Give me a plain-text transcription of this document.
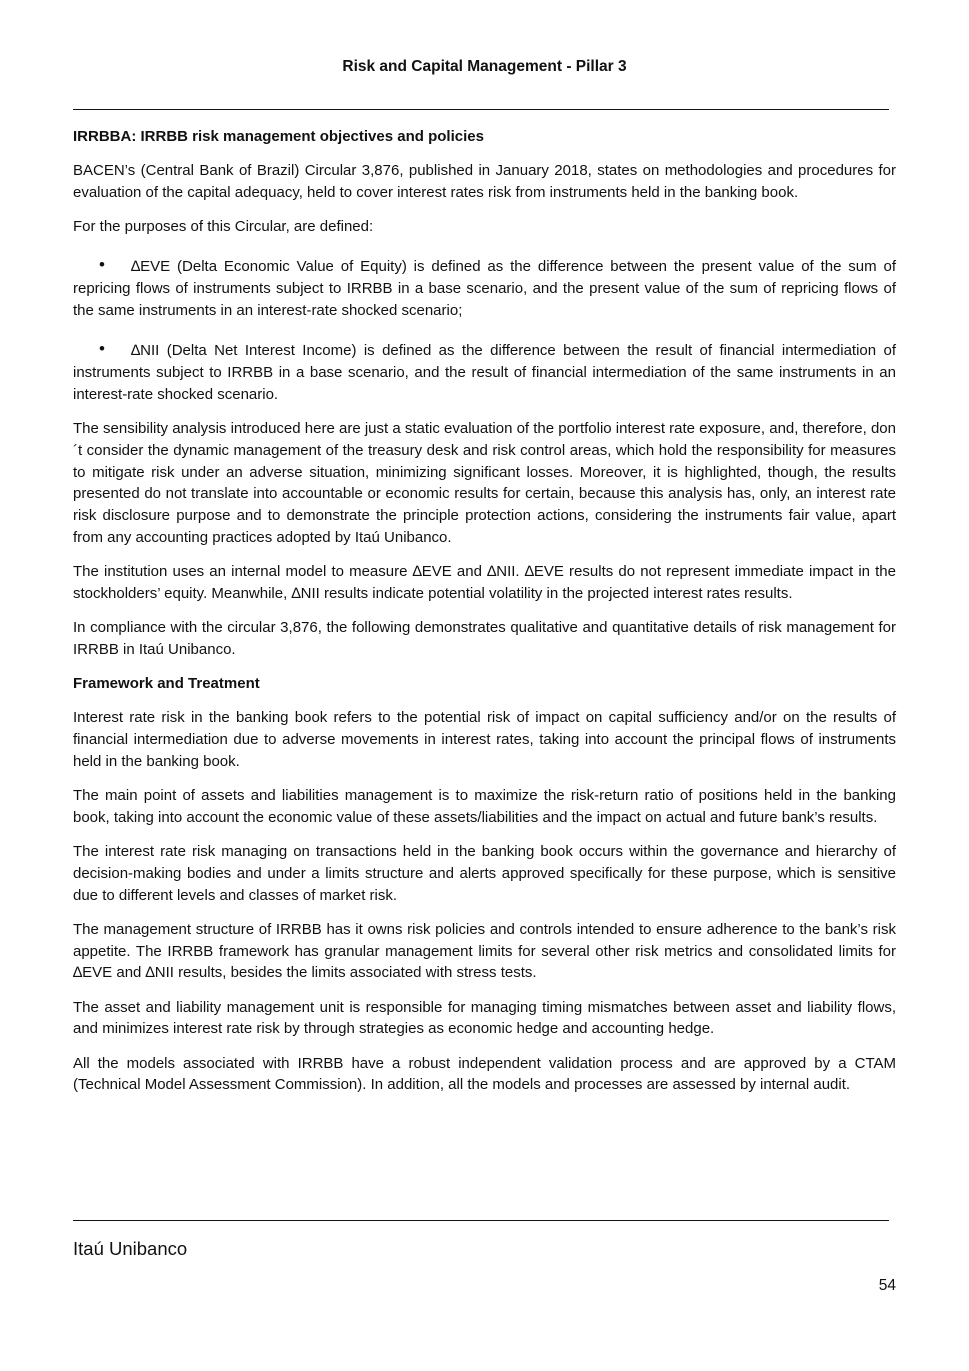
Risk and Capital Management - Pillar 3
IRRBBA: IRRBB risk management objectives and policies

BACEN’s (Central Bank of Brazil) Circular 3,876, published in January 2018, states on methodologies and procedures for evaluation of the capital adequacy, held to cover interest rates risk from instruments held in the banking book.

For the purposes of this Circular, are defined:

• ∆EVE (Delta Economic Value of Equity) is defined as the difference between the present value of the sum of repricing flows of instruments subject to IRRBB in a base scenario, and the present value of the sum of repricing flows of the same instruments in an interest-rate shocked scenario;
• ∆NII (Delta Net Interest Income) is defined as the difference between the result of financial intermediation of instruments subject to IRRBB in a base scenario, and the result of financial intermediation of the same instruments in an interest-rate shocked scenario.

The sensibility analysis introduced here are just a static evaluation of the portfolio interest rate exposure, and, therefore, don´t consider the dynamic management of the treasury desk and risk control areas, which hold the responsibility for measures to mitigate risk under an adverse situation, minimizing significant losses. Moreover, it is highlighted, though, the results presented do not translate into accountable or economic results for certain, because this analysis has, only, an interest rate risk disclosure purpose and to demonstrate the principle protection actions, considering the instruments fair value, apart from any accounting practices adopted by Itaú Unibanco.

The institution uses an internal model to measure ∆EVE and ∆NII. ∆EVE results do not represent immediate impact in the stockholders’ equity. Meanwhile, ∆NII results indicate potential volatility in the projected interest rates results.

In compliance with the circular 3,876, the following demonstrates qualitative and quantitative details of risk management for IRRBB in Itaú Unibanco.

Framework and Treatment

Interest rate risk in the banking book refers to the potential risk of impact on capital sufficiency and/or on the results of financial intermediation due to adverse movements in interest rates, taking into account the principal flows of instruments held in the banking book.

The main point of assets and liabilities management is to maximize the risk-return ratio of positions held in the banking book, taking into account the economic value of these assets/liabilities and the impact on actual and future bank’s results.

The interest rate risk managing on transactions held in the banking book occurs within the governance and hierarchy of decision-making bodies and under a limits structure and alerts approved specifically for these purpose, which is sensitive due to different levels and classes of market risk.

The management structure of IRRBB has it owns risk policies and controls intended to ensure adherence to the bank’s risk appetite. The IRRBB framework has granular management limits for several other risk metrics and consolidated limits for ∆EVE and ∆NII results, besides the limits associated with stress tests.

The asset and liability management unit is responsible for managing timing mismatches between asset and liability flows, and minimizes interest rate risk by through strategies as economic hedge and accounting hedge.

All the models associated with IRRBB have a robust independent validation process and are approved by a CTAM (Technical Model Assessment Commission). In addition, all the models and processes are assessed by internal audit.

Itaú Unibanco
54
